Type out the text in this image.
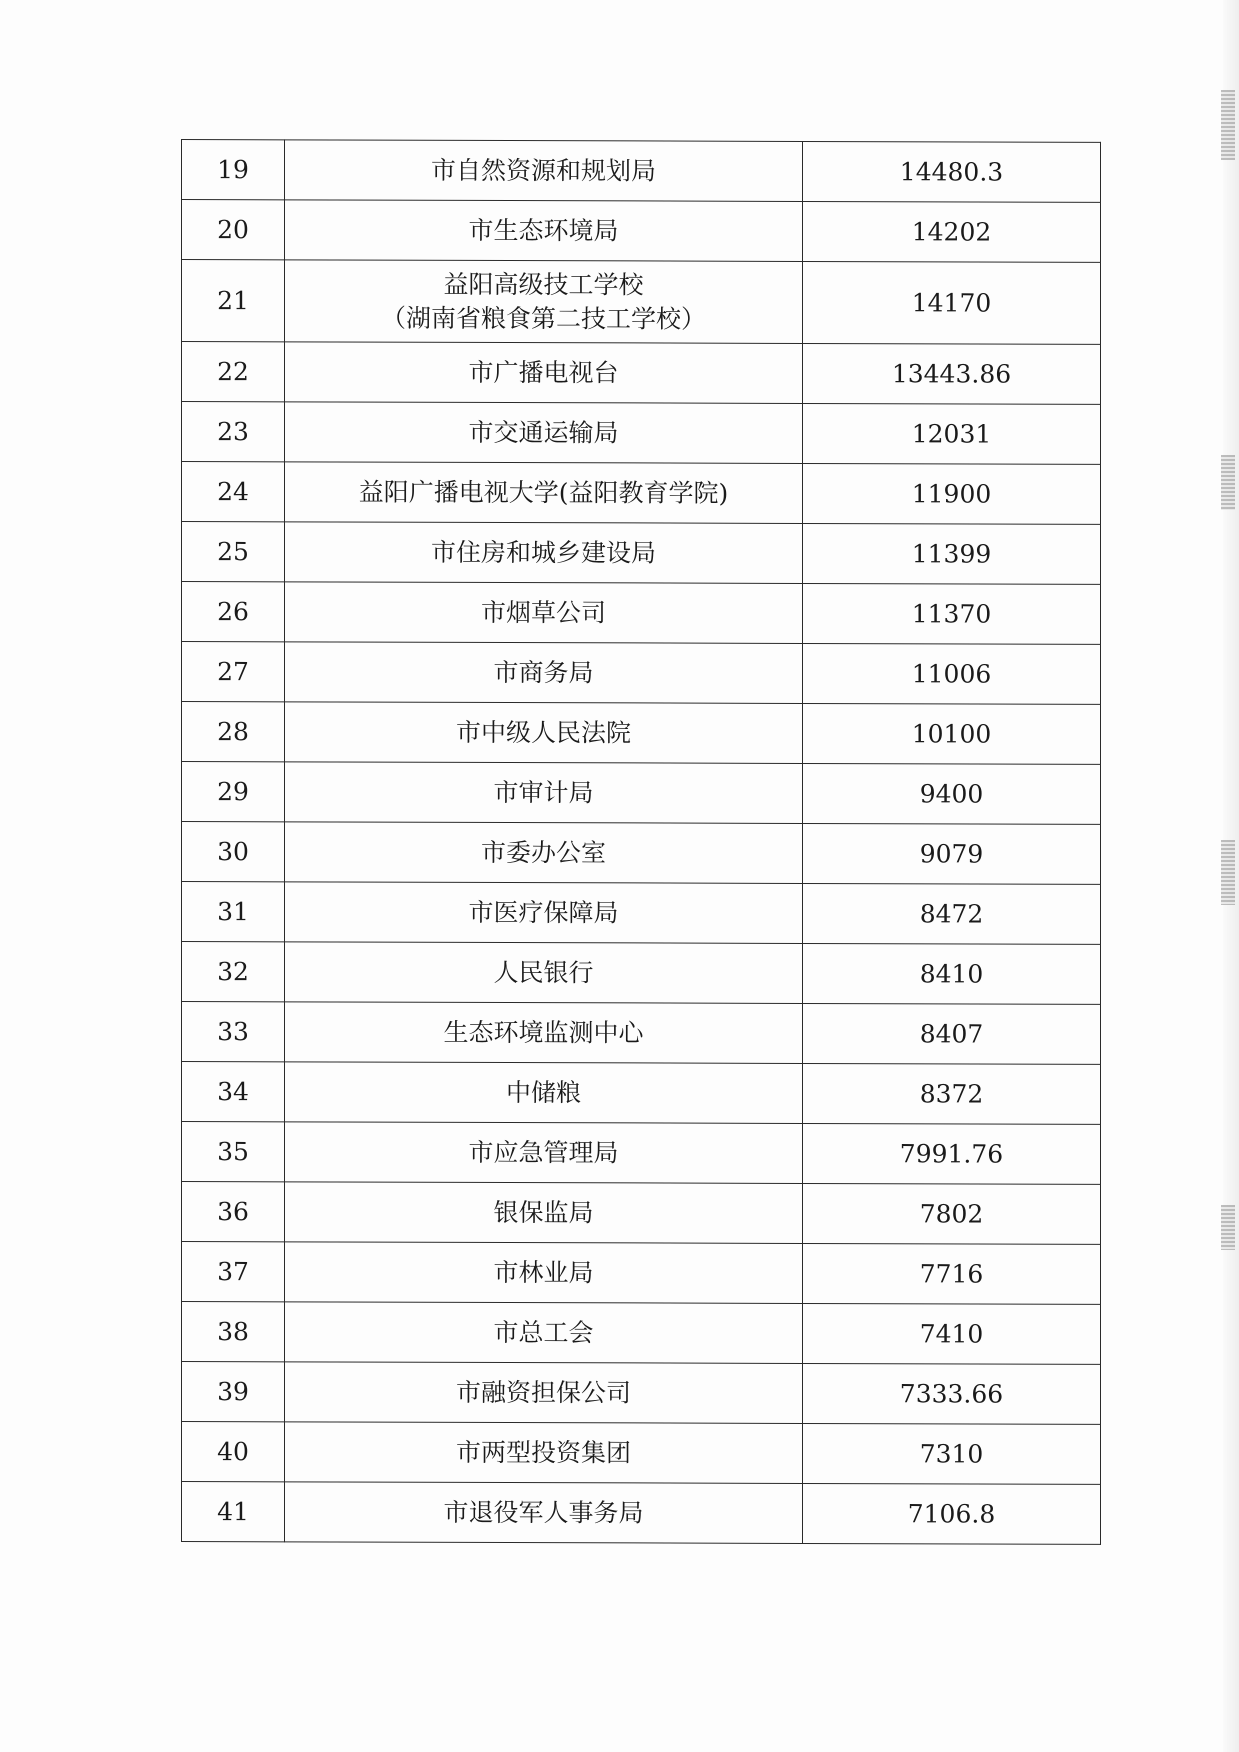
19	市自然资源和规划局	14480.3
20	市生态环境局	14202
21	益阳高级技工学校
（湖南省粮食第二技工学校）	14170
22	市广播电视台	13443.86
23	市交通运输局	12031
24	益阳广播电视大学(益阳教育学院)	11900
25	市住房和城乡建设局	11399
26	市烟草公司	11370
27	市商务局	11006
28	市中级人民法院	10100
29	市审计局	9400
30	市委办公室	9079
31	市医疗保障局	8472
32	人民银行	8410
33	生态环境监测中心	8407
34	中储粮	8372
35	市应急管理局	7991.76
36	银保监局	7802
37	市林业局	7716
38	市总工会	7410
39	市融资担保公司	7333.66
40	市两型投资集团	7310
41	市退役军人事务局	7106.8
